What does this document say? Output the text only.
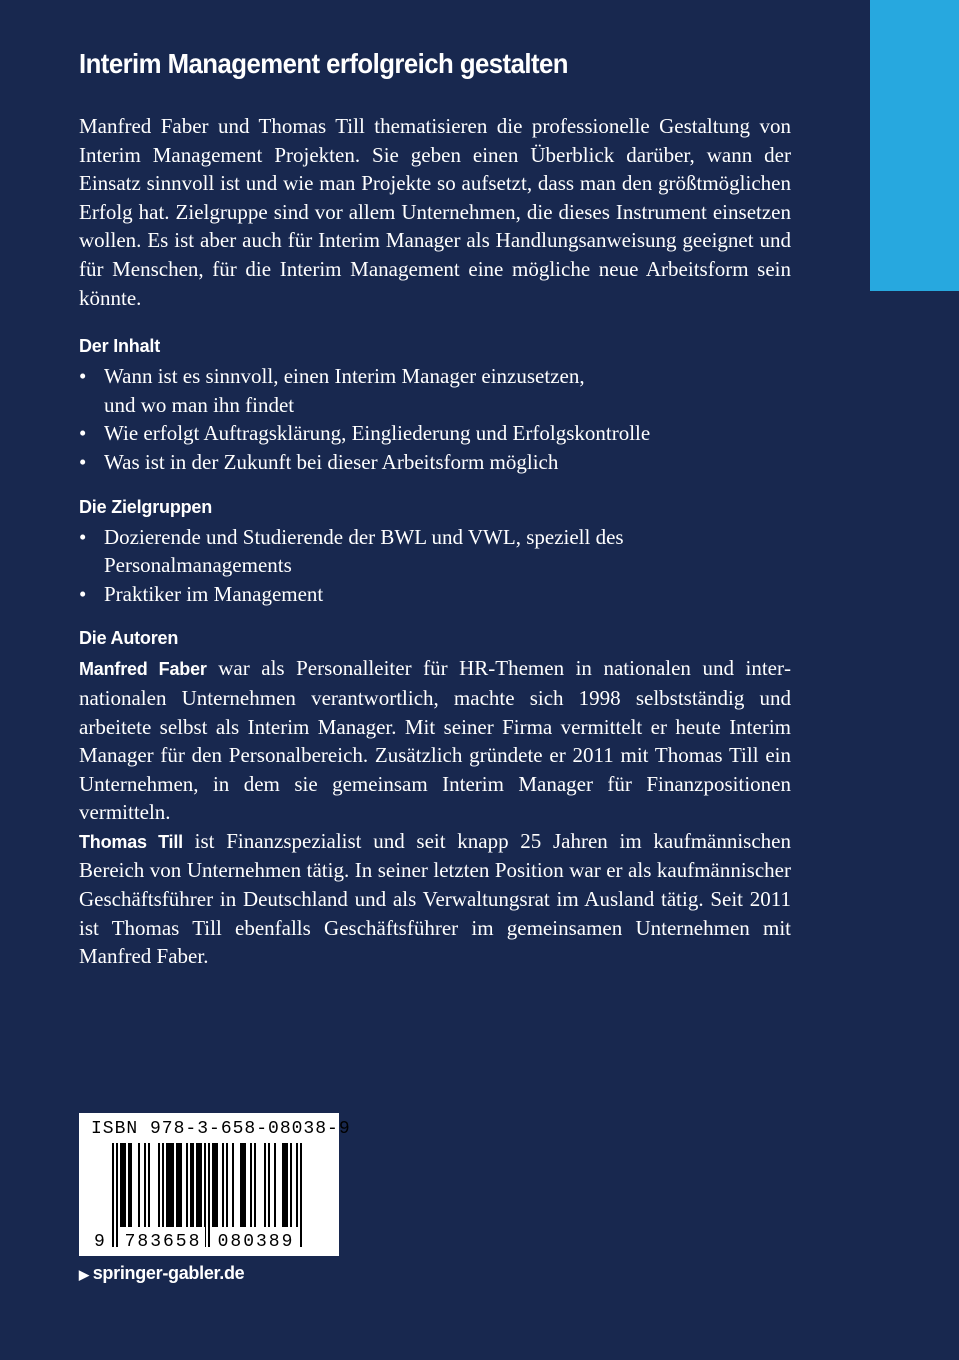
Interim Management erfolgreich gestalten

Manfred Faber und Thomas Till thematisieren die professionelle Gestaltung von Interim Management Projekten. Sie geben einen Überblick darüber, wann der Einsatz sinnvoll ist und wie man Projekte so aufsetzt, dass man den größtmöglichen Erfolg hat. Zielgruppe sind vor allem Unternehmen, die dieses Instrument einsetzen wollen. Es ist aber auch für Interim Manager als Handlungsanweisung geeignet und für Menschen, für die Interim Management eine mögliche neue Arbeitsform sein könnte.

Der Inhalt
• Wann ist es sinnvoll, einen Interim Manager einzusetzen,
und wo man ihn findet
• Wie erfolgt Auftragsklärung, Eingliederung und Erfolgskontrolle
• Was ist in der Zukunft bei dieser Arbeitsform möglich
Die Zielgruppen
• Dozierende und Studierende der BWL und VWL, speziell des
Personalmanagements
• Praktiker im Management
Die Autoren

Manfred Faber war als Personalleiter für HR-Themen in nationalen und internationalen Unternehmen verantwortlich, machte sich 1998 selbstständig und arbeitete selbst als Interim Manager. Mit seiner Firma vermittelt er heute Interim Manager für den Personalbereich. Zusätzlich gründete er 2011 mit Thomas Till ein Unternehmen, in dem sie gemeinsam Interim Manager für Finanzpositionen vermitteln.

Thomas Till ist Finanzspezialist und seit knapp 25 Jahren im kaufmännischen Bereich von Unternehmen tätig. In seiner letzten Position war er als kaufmännischer Geschäftsführer in Deutschland und als Verwaltungsrat im Ausland tätig. Seit 2011 ist Thomas Till ebenfalls Geschäftsführer im gemeinsamen Unternehmen mit Manfred Faber.

ISBN 978-3-658-08038-9
9 783658 080389
▶ springer-gabler.de
